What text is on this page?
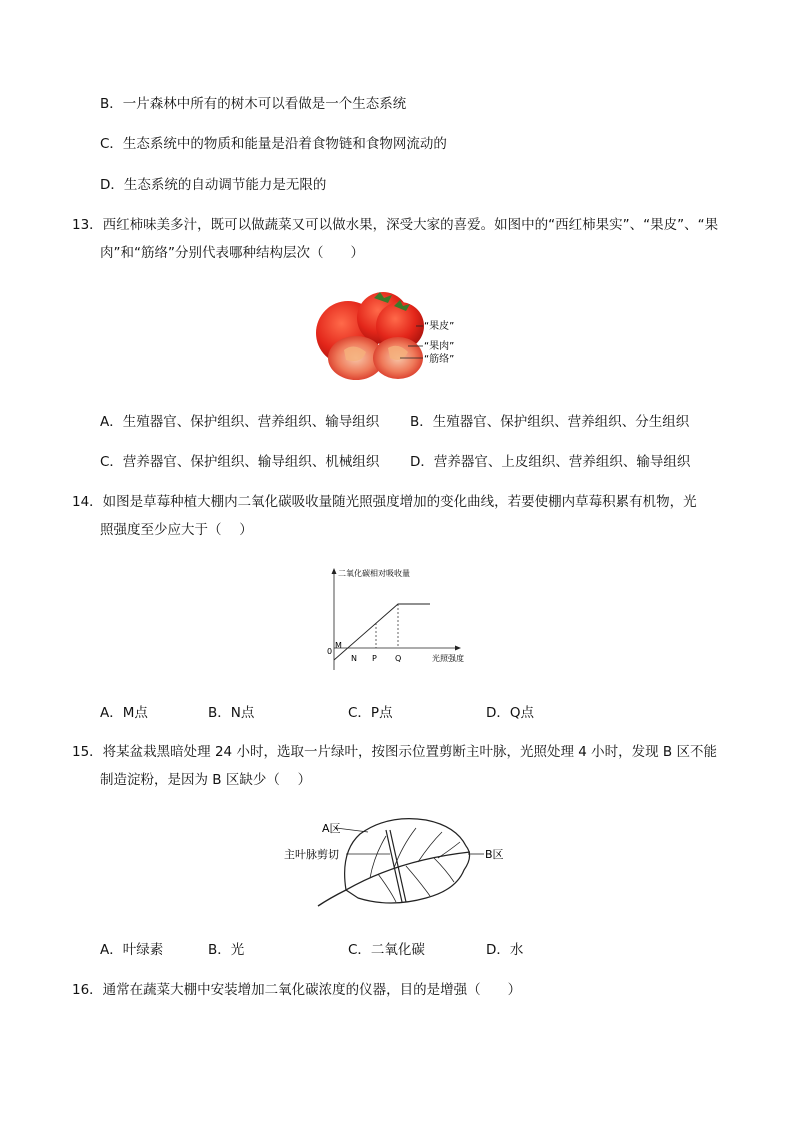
B．一片森林中所有的树木可以看做是一个生态系统
C．生态系统中的物质和能量是沿着食物链和食物网流动的
D．生态系统的自动调节能力是无限的
13．西红柿味美多汁，既可以做蔬菜又可以做水果，深受大家的喜爱。如图中的“西红柿果实”、“果皮”、“果
肉”和“筋络”分别代表哪种结构层次（　　）
“果皮”
“果肉”
“筋络”
A．生殖器官、保护组织、营养组织、输导组织 B．生殖器官、保护组织、营养组织、分生组织
C．营养器官、保护组织、输导组织、机械组织 D．营养器官、上皮组织、营养组织、输导组织
14．如图是草莓种植大棚内二氧化碳吸收量随光照强度增加的变化曲线，若要使棚内草莓积累有机物，光
照强度至少应大于（　 ）
二氧化碳相对吸收量
光照强度
0
M
N P Q
A．M点	B．N点	C．P点	D．Q点
15．将某盆栽黑暗处理 24 小时，选取一片绿叶，按图示位置剪断主叶脉，光照处理 4 小时，发现 B 区不能
制造淀粉，是因为 B 区缺少（　 ）
A区
主叶脉剪切	B区
A．叶绿素	B．光	C．二氧化碳	D．水
16．通常在蔬菜大棚中安装增加二氧化碳浓度的仪器，目的是增强（　　）
